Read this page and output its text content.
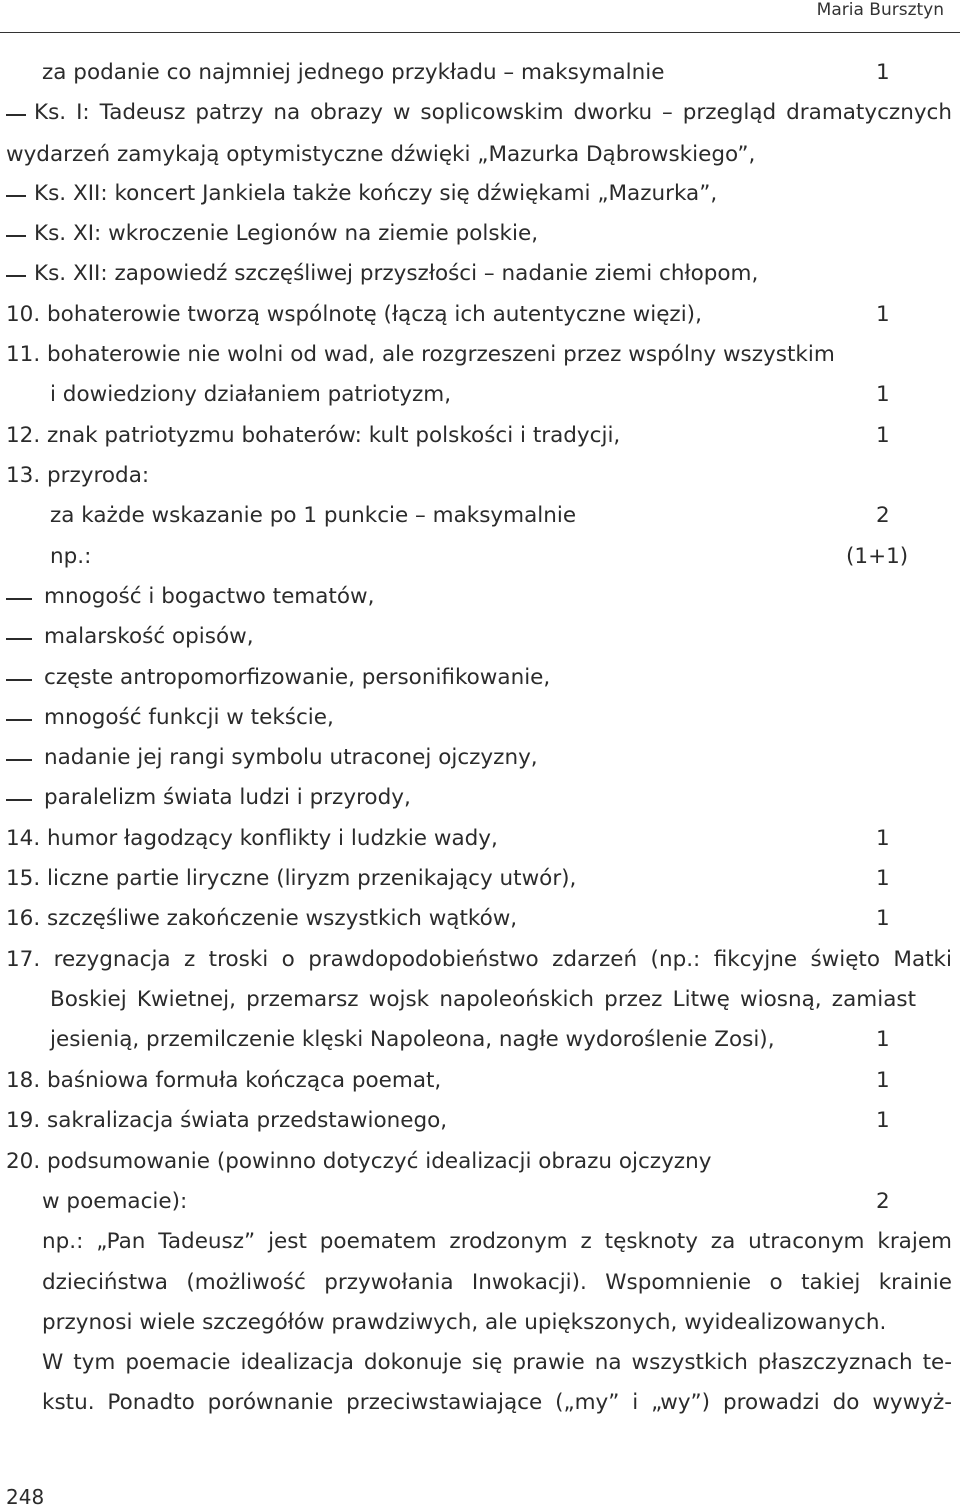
Maria Bursztyn
za podanie co najmniej jednego przykładu – maksymalnie	1
Ks. I: Tadeusz patrzy na obrazy w soplicowskim dworku – przegląd dramatycznych
wydarzeń zamykają optymistyczne dźwięki „Mazurka Dąbrowskiego”,
Ks. XII: koncert Jankiela także kończy się dźwiękami „Mazurka”,
Ks. XI: wkroczenie Legionów na ziemie polskie,
Ks. XII: zapowiedź szczęśliwej przyszłości – nadanie ziemi chłopom,
10. bohaterowie tworzą wspólnotę (łączą ich autentyczne więzi),	1
11. bohaterowie nie wolni od wad, ale rozgrzeszeni przez wspólny wszystkim
i dowiedziony działaniem patriotyzm,	1
12. znak patriotyzmu bohaterów: kult polskości i tradycji,	1
13. przyroda:
za każde wskazanie po 1 punkcie – maksymalnie	2
np.:	(1+1)
mnogość i bogactwo tematów,
malarskość opisów,
częste antropomorfizowanie, personifikowanie,
mnogość funkcji w tekście,
nadanie jej rangi symbolu utraconej ojczyzny,
paralelizm świata ludzi i przyrody,
14. humor łagodzący konflikty i ludzkie wady,	1
15. liczne partie liryczne (liryzm przenikający utwór),	1
16. szczęśliwe zakończenie wszystkich wątków,	1
17. rezygnacja z troski o prawdopodobieństwo zdarzeń (np.: fikcyjne święto Matki
Boskiej Kwietnej, przemarsz wojsk napoleońskich przez Litwę wiosną, zamiast
jesienią, przemilczenie klęski Napoleona, nagłe wydoroślenie Zosi),	1
18. baśniowa formuła kończąca poemat,	1
19. sakralizacja świata przedstawionego,	1
20. podsumowanie (powinno dotyczyć idealizacji obrazu ojczyzny
w poemacie):	2
np.: „Pan Tadeusz” jest poematem zrodzonym z tęsknoty za utraconym krajem
dzieciństwa (możliwość przywołania Inwokacji). Wspomnienie o takiej krainie
przynosi wiele szczegółów prawdziwych, ale upiększonych, wyidealizowanych.
W tym poemacie idealizacja dokonuje się prawie na wszystkich płaszczyznach te-
kstu. Ponadto porównanie przeciwstawiające („my” i „wy”) prowadzi do wywyż-
248
